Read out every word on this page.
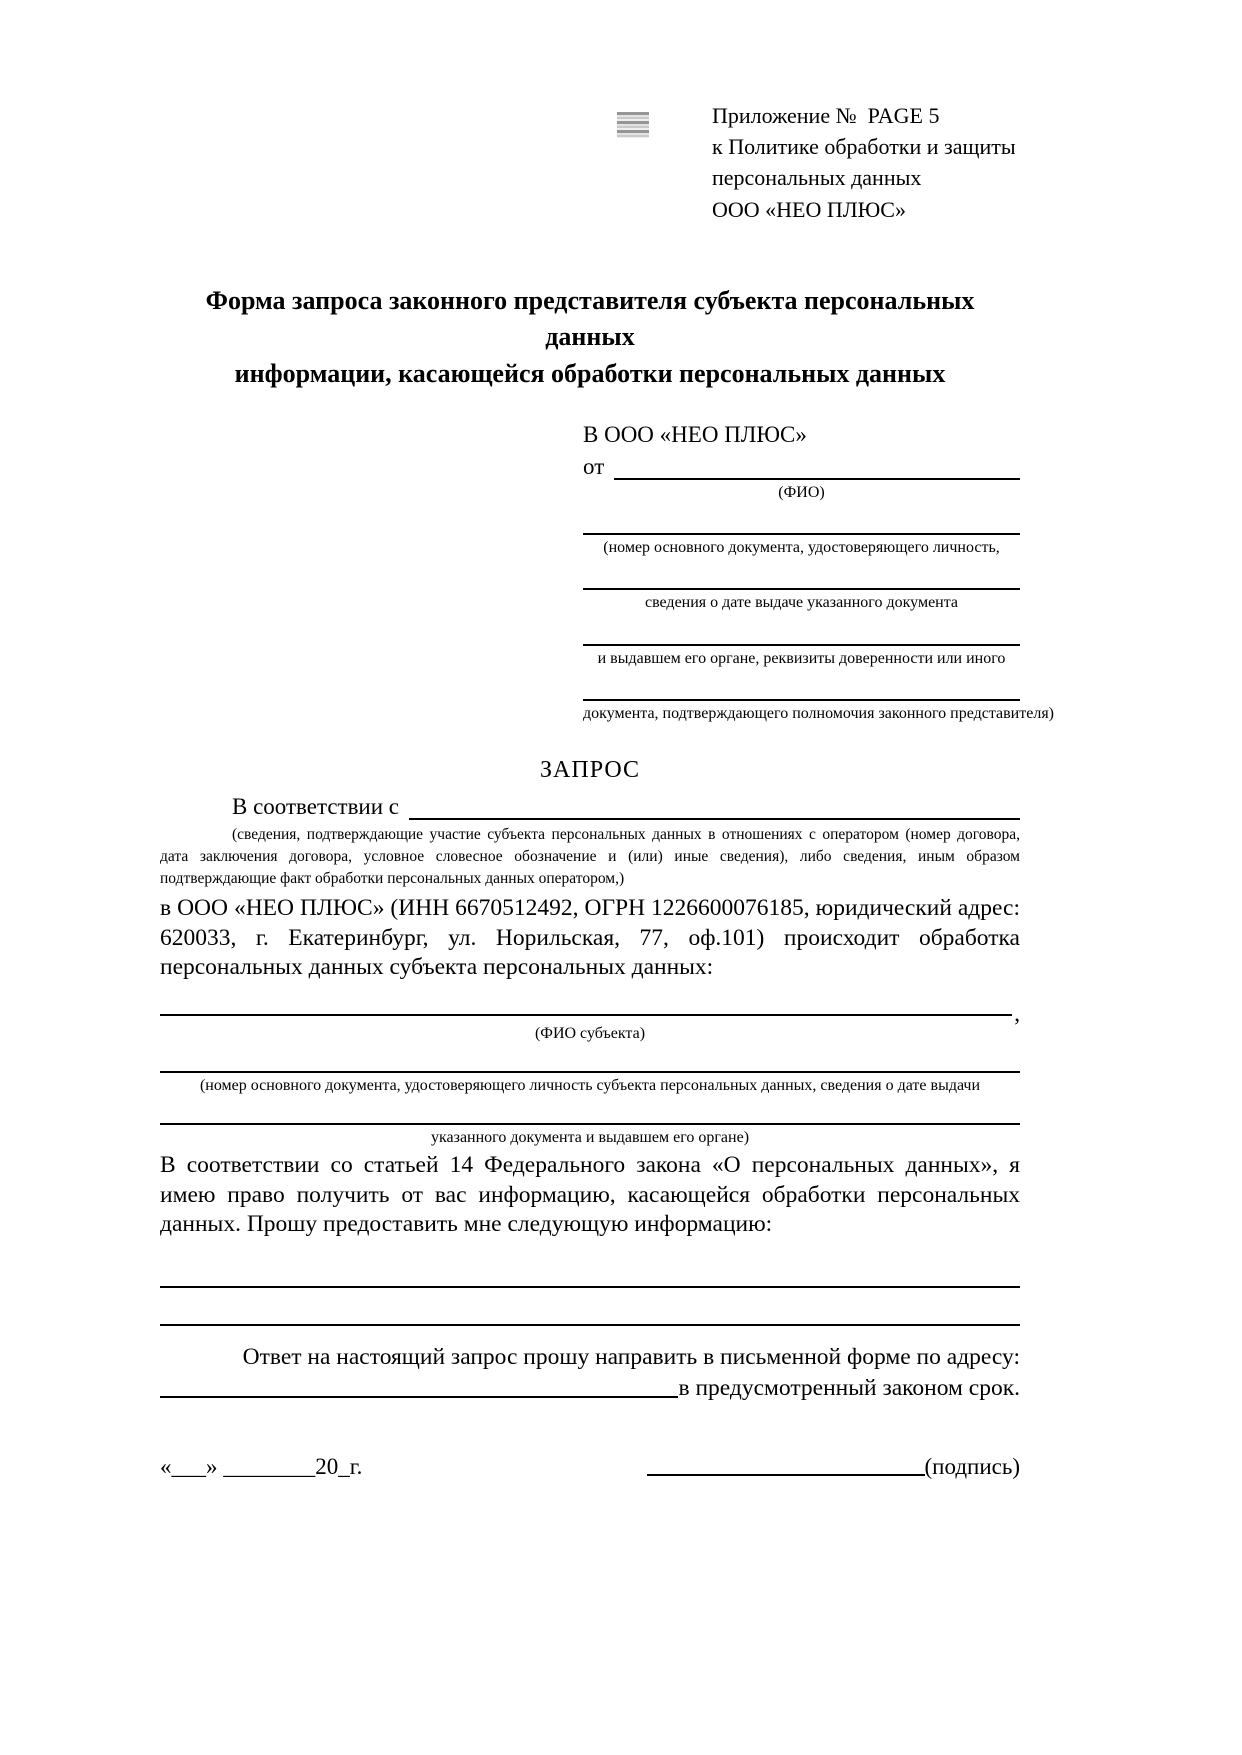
Приложение №  PAGE 5
к Политике обработки и защиты
персональных данных
ООО «НЕО ПЛЮС»
Форма запроса законного представителя субъекта персональных данных
информации, касающейся обработки персональных данных
В ООО «НЕО ПЛЮС»
от
(ФИО)
(номер основного документа, удостоверяющего личность,
сведения о дате выдаче указанного документа
и выдавшем его органе, реквизиты доверенности или иного
документа, подтверждающего полномочия законного представителя)
ЗАПРОС
В соответствии с
(сведения, подтверждающие участие субъекта персональных данных в отношениях с оператором (номер договора, дата заключения договора, условное словесное обозначение и (или) иные сведения), либо сведения, иным образом подтверждающие факт обработки персональных данных оператором,)
в ООО «НЕО ПЛЮС» (ИНН 6670512492, ОГРН 1226600076185, юридический адрес: 620033, г. Екатеринбург, ул. Норильская, 77, оф.101) происходит обработка персональных данных субъекта персональных данных:
,
(ФИО субъекта)
(номер основного документа, удостоверяющего личность субъекта персональных данных, сведения о дате выдачи
указанного документа и выдавшем его органе)
В соответствии со статьей 14 Федерального закона «О персональных данных», я имею право получить от вас информацию, касающейся обработки персональных данных. Прошу предоставить мне следующую информацию:
Ответ на настоящий запрос прошу направить в письменной форме по адресу:
в предусмотренный законом срок.
«___» ________20_г.	(подпись)
